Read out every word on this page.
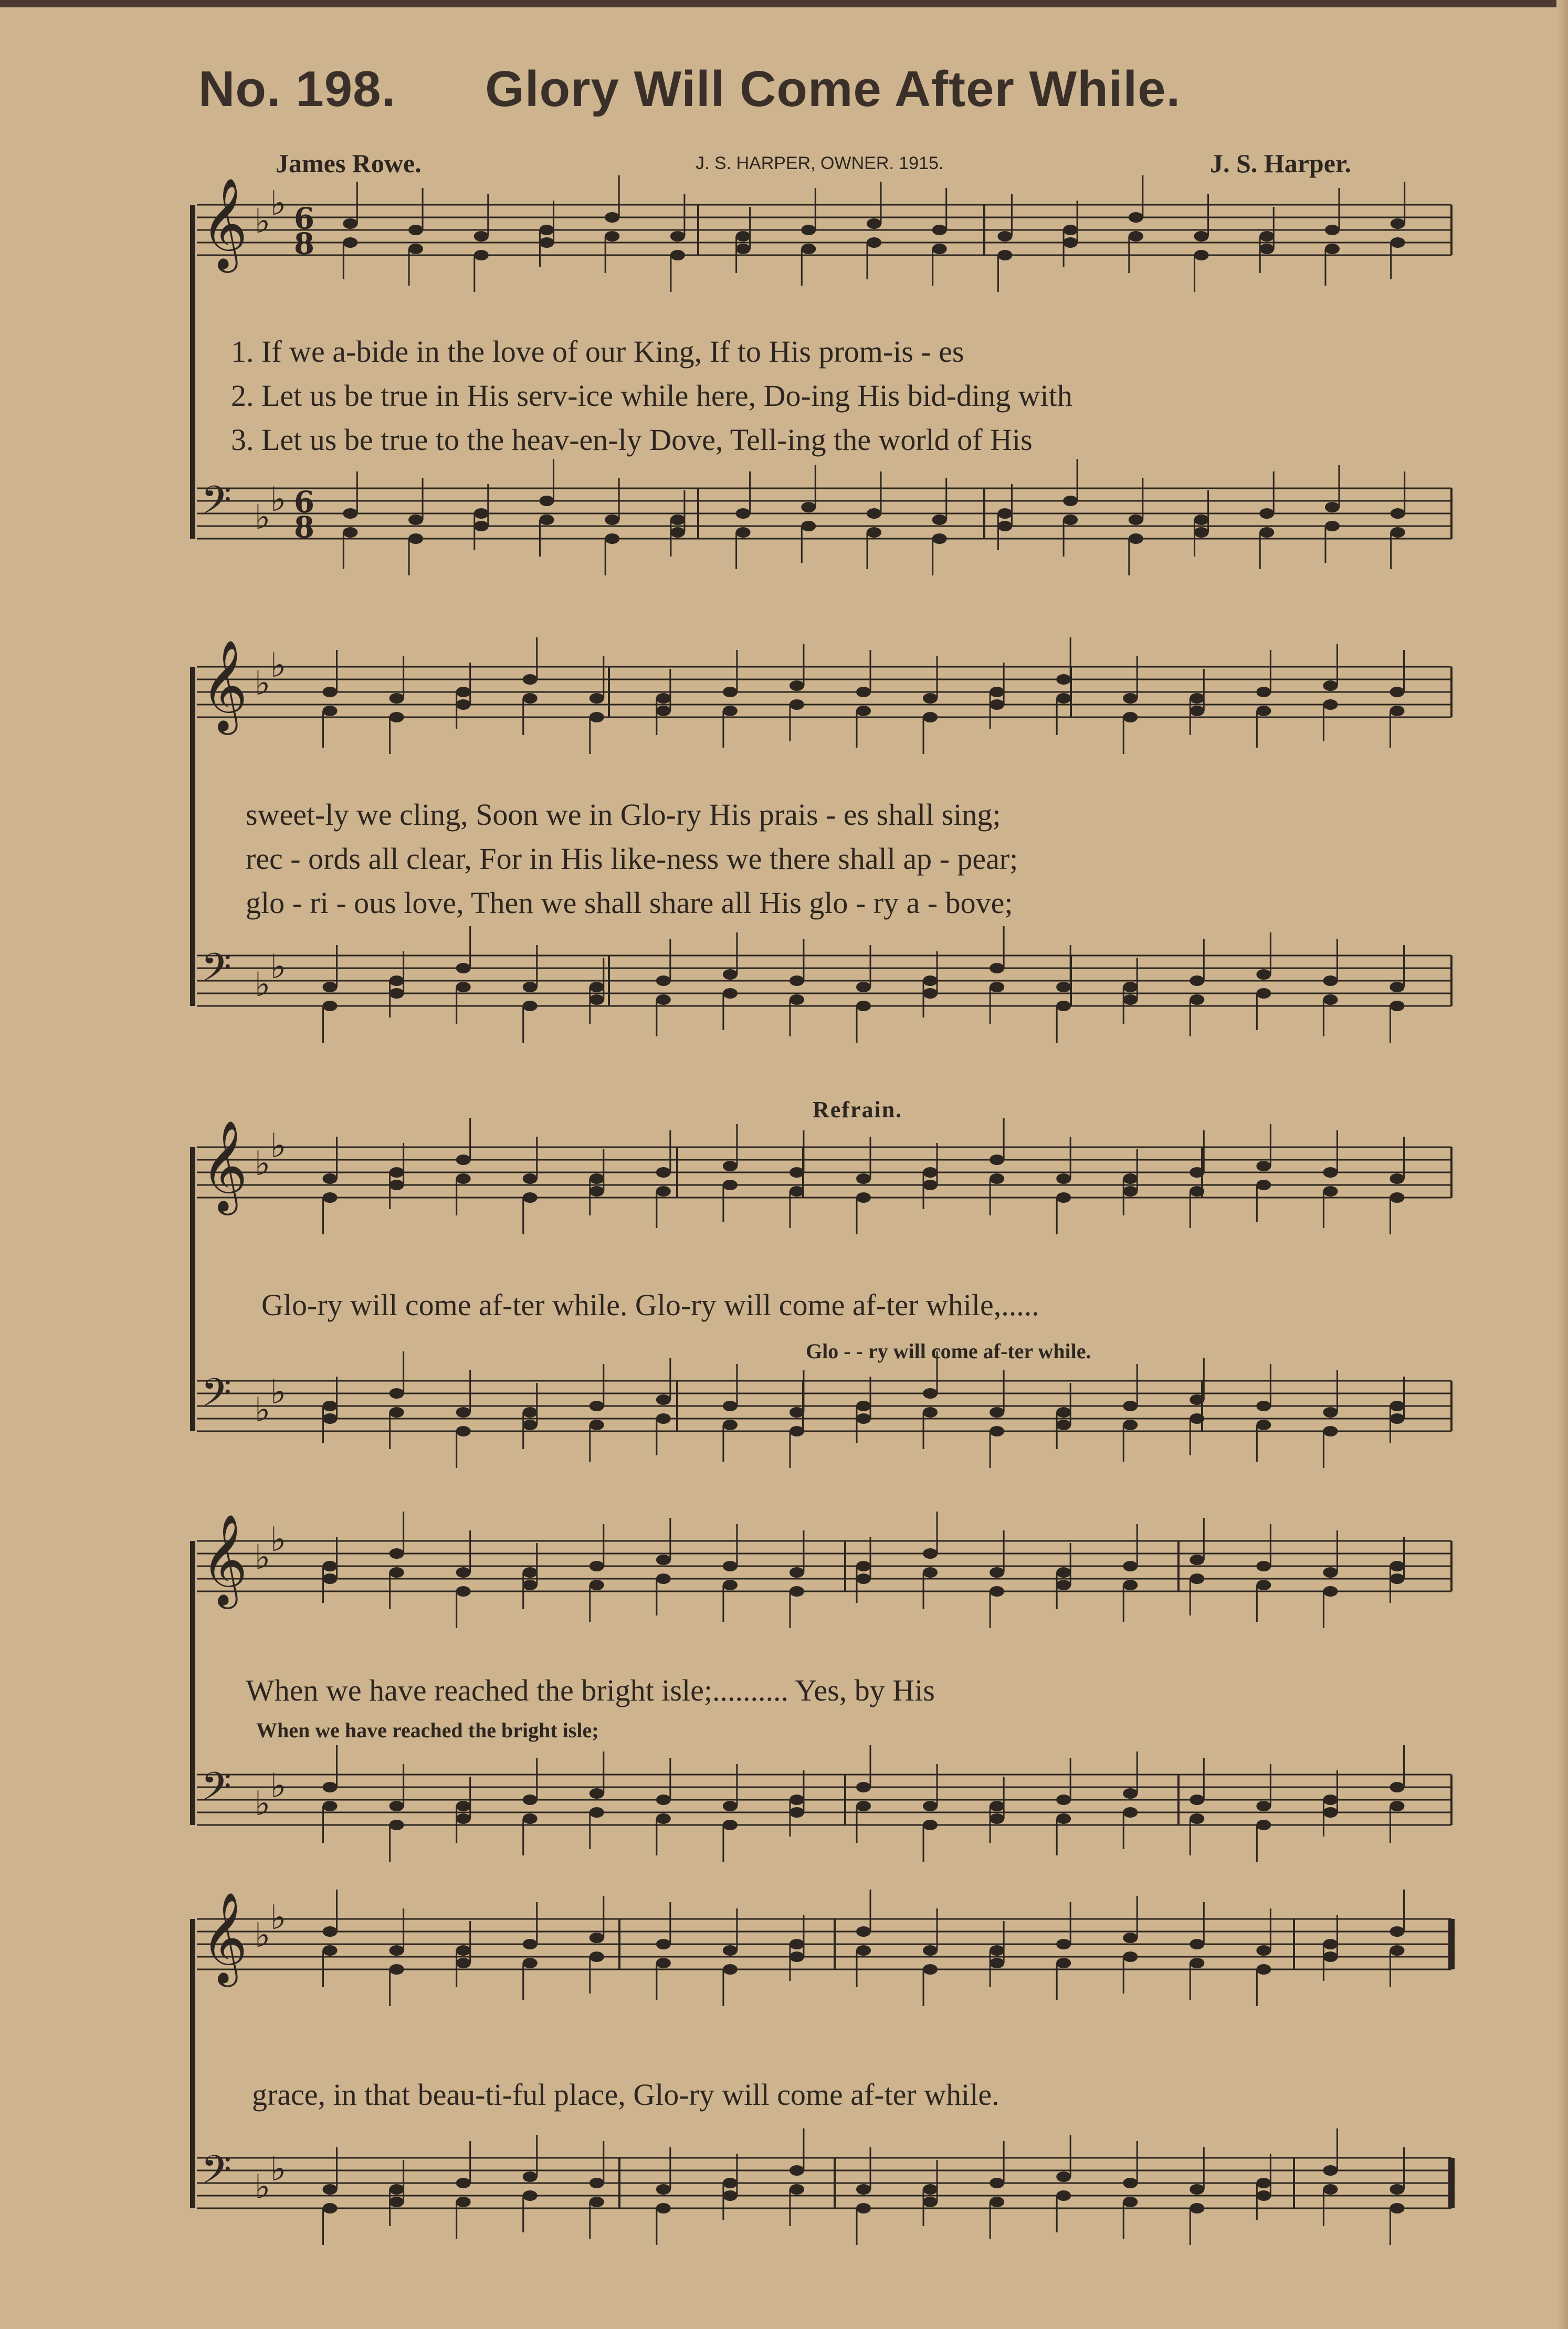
No. 198. Glory Will Come After While.
James Rowe.	J. S. HARPER, OWNER. 1915.	J. S. Harper.
𝄞 ♭ ♭ 6
8
𝄢 ♭ ♭ 6
8
𝄞 ♭ ♭
𝄢 ♭ ♭
𝄞 ♭ ♭
𝄢 ♭ ♭
𝄞 ♭ ♭
𝄢 ♭ ♭
𝄞 ♭ ♭
𝄢 ♭ ♭
1. If we a-bide in the love of our King, If to His prom-is - es
2. Let us be true in His serv-ice while here, Do-ing His bid-ding with
3. Let us be true to the heav-en-ly Dove, Tell-ing the world of His
sweet-ly we cling, Soon we in Glo-ry His prais - es shall sing;
rec - ords all clear, For in His like-ness we there shall ap - pear;
glo - ri - ous love, Then we shall share all His glo - ry a - bove;
Refrain.
Glo-ry will come af-ter while. Glo-ry will come af-ter while,.....
Glo - - ry will come af-ter while.
When we have reached the bright isle;.......... Yes, by His
When we have reached the bright isle;
grace, in that beau-ti-ful place, Glo-ry will come af-ter while.
